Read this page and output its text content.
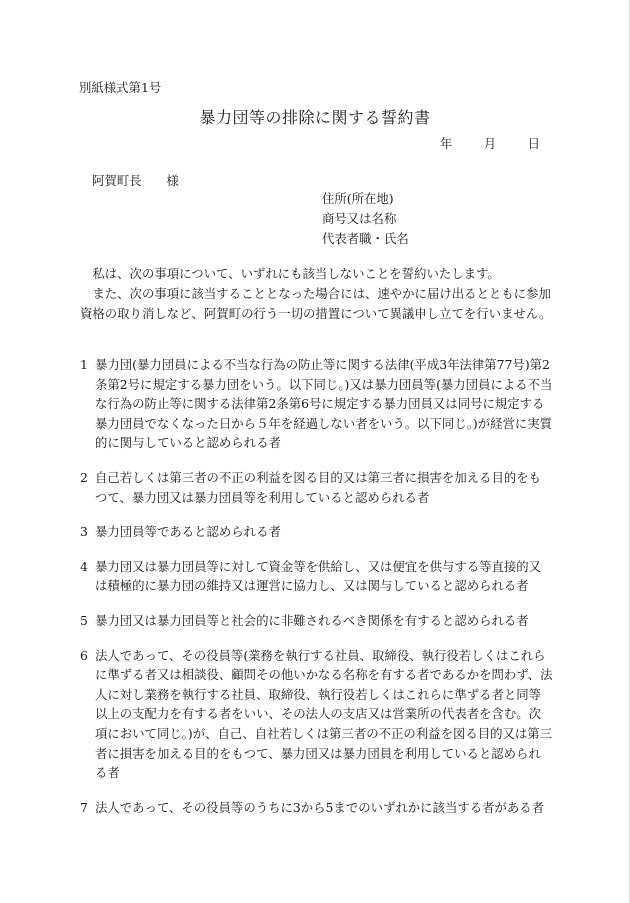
別紙様式第1号
暴力団等の排除に関する誓約書
年	月	日
阿賀町長　　様
住所(所在地)
商号又は名称
代表者職・氏名

私は、次の事項について、いずれにも該当しないことを誓約いたします。

また、次の事項に該当することとなった場合には、速やかに届け出るとともに参加資格の取り消しなど、阿賀町の行う一切の措置について異議申し立てを行いません。

1 暴力団(暴力団員による不当な行為の防止等に関する法律(平成3年法律第77号)第2条第2号に規定する暴力団をいう。以下同じ。)又は暴力団員等(暴力団員による不当な行為の防止等に関する法律第2条第6号に規定する暴力団員又は同号に規定する暴力団員でなくなった日から５年を経過しない者をいう。以下同じ。)が経営に実質的に関与していると認められる者
2 自己若しくは第三者の不正の利益を図る目的又は第三者に損害を加える目的をもつて、暴力団又は暴力団員等を利用していると認められる者
3 暴力団員等であると認められる者
4 暴力団又は暴力団員等に対して資金等を供給し、又は便宜を供与する等直接的又は積極的に暴力団の維持又は運営に協力し、又は関与していると認められる者
5 暴力団又は暴力団員等と社会的に非難されるべき関係を有すると認められる者
6 法人であって、その役員等(業務を執行する社員、取締役、執行役若しくはこれらに準ずる者又は相談役、顧問その他いかなる名称を有する者であるかを問わず、法人に対し業務を執行する社員、取締役、執行役若しくはこれらに準ずる者と同等以上の支配力を有する者をいい、その法人の支店又は営業所の代表者を含む。次項において同じ。)が、自己、自社若しくは第三者の不正の利益を図る目的又は第三者に損害を加える目的をもつて、暴力団又は暴力団員を利用していると認められる者
7 法人であって、その役員等のうちに3から5までのいずれかに該当する者がある者
